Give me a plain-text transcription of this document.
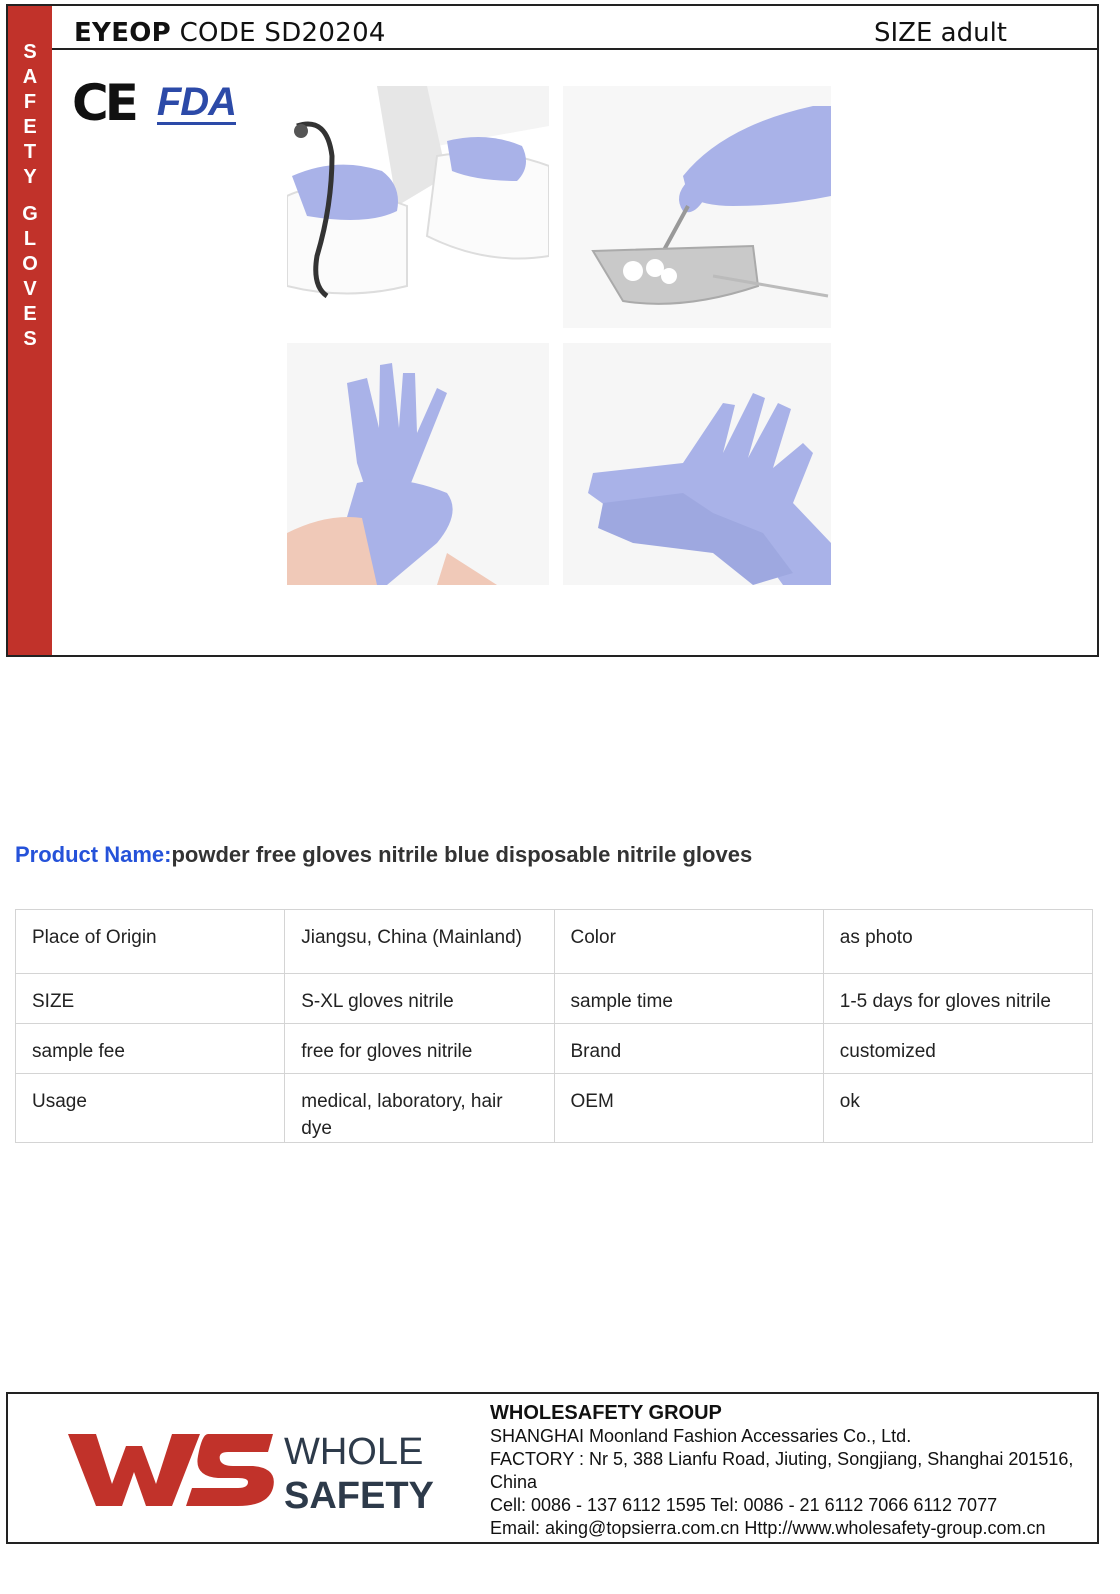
S
A
F
E
T
Y
G
L
O
V
E
S
EYEOP CODE SD20204	SIZE adult
CE FDA
Product Name:powder free gloves nitrile blue disposable nitrile gloves
Place of Origin	Jiangsu, China (Mainland)	Color	as photo
SIZE	S-XL gloves nitrile	sample time	1-5 days for gloves nitrile
sample fee	free for gloves nitrile	Brand	customized
Usage	medical, laboratory, hair dye	OEM	ok
WHOLE
SAFETY
WHOLESAFETY GROUP
SHANGHAI Moonland Fashion Accessaries Co., Ltd.
FACTORY : Nr 5, 388 Lianfu Road, Jiuting, Songjiang, Shanghai 201516, China
Cell: 0086 - 137 6112 1595 Tel: 0086 - 21 6112 7066 6112 7077
Email: aking@topsierra.com.cn Http://www.wholesafety-group.com.cn
